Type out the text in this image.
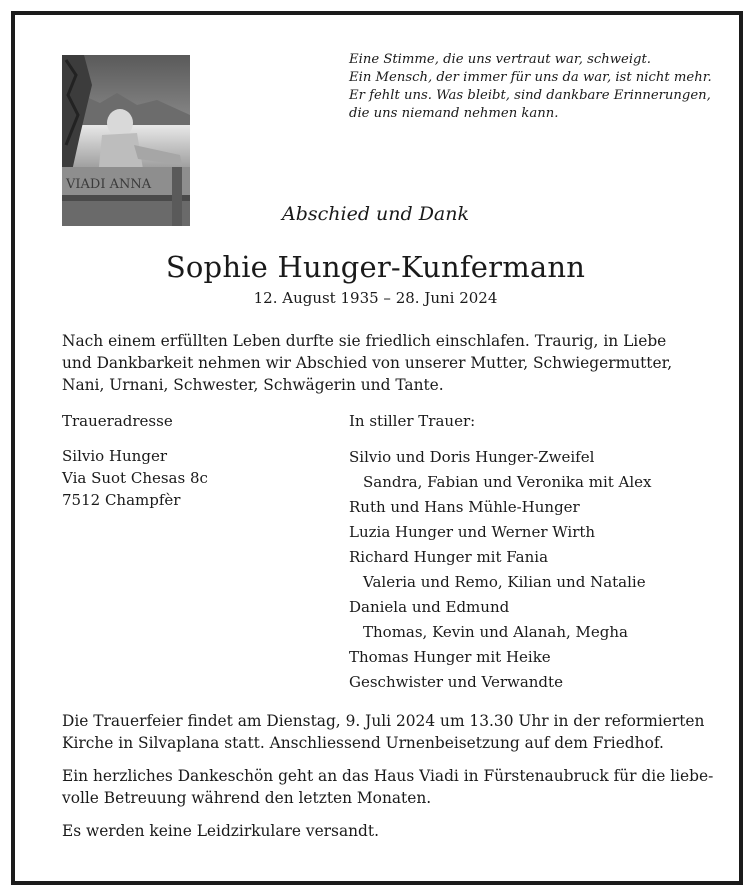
VIADI ANNA
Eine Stimme, die uns vertraut war, schweigt.
Ein Mensch, der immer für uns da war, ist nicht mehr.
Er fehlt uns. Was bleibt, sind dankbare Erinnerungen,
die uns niemand nehmen kann.
Abschied und Dank
Sophie Hunger-Kunfermann
12. August 1935 – 28. Juni 2024
Nach einem erfüllten Leben durfte sie friedlich einschlafen. Traurig, in Liebe
und Dankbarkeit nehmen wir Abschied von unserer Mutter, Schwiegermutter,
Nani, Urnani, Schwester, Schwägerin und Tante.
Traueradresse
Silvio Hunger
Via Suot Chesas 8c
7512 Champfèr
In stiller Trauer:
Silvio und Doris Hunger-Zweifel
Sandra, Fabian und Veronika mit Alex
Ruth und Hans Mühle-Hunger
Luzia Hunger und Werner Wirth
Richard Hunger mit Fania
Valeria und Remo, Kilian und Natalie
Daniela und Edmund
Thomas, Kevin und Alanah, Megha
Thomas Hunger mit Heike
Geschwister und Verwandte
Die Trauerfeier findet am Dienstag, 9. Juli 2024 um 13.30 Uhr in der reformierten
Kirche in Silvaplana statt. Anschliessend Urnenbeisetzung auf dem Friedhof.
Ein herzliches Dankeschön geht an das Haus Viadi in Fürstenaubruck für die liebe-
volle Betreuung während den letzten Monaten.
Es werden keine Leidzirkulare versandt.
